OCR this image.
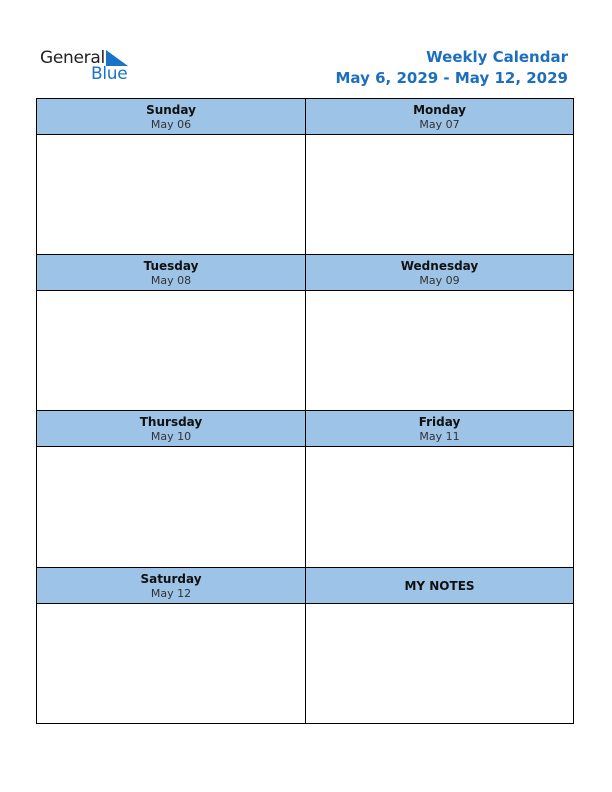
General
Blue
Weekly Calendar
May 6, 2029 - May 12, 2029
Sunday
May 06
Monday
May 07
Tuesday
May 08
Wednesday
May 09
Thursday
May 10
Friday
May 11
Saturday
May 12
MY NOTES
